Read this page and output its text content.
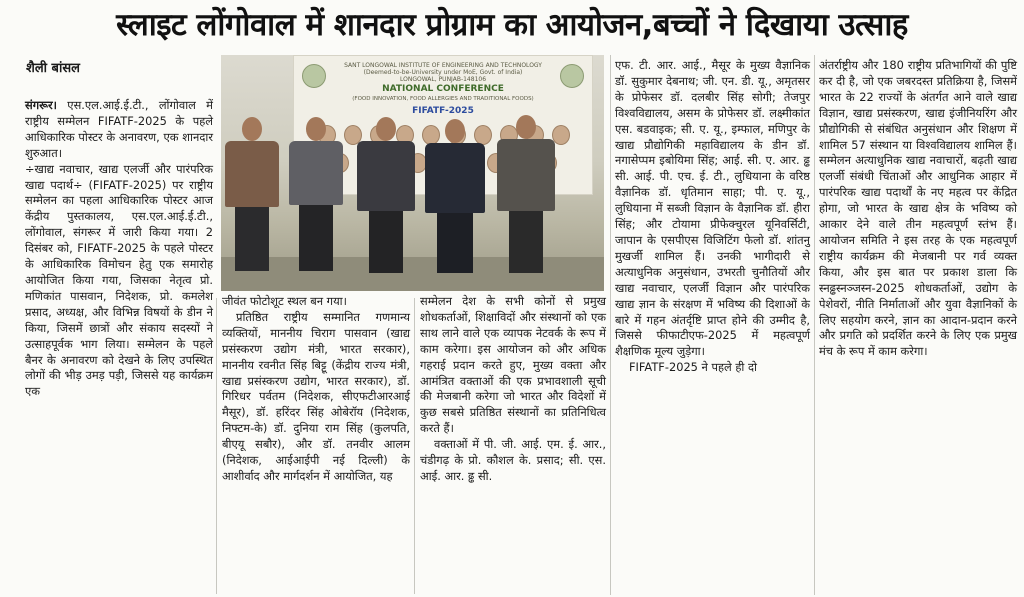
स्लाइट लोंगोवाल में शानदार प्रोग्राम का आयोजन,बच्चों ने दिखाया उत्साह
शैली बांसल	SANT LONGOWAL INSTITUTE OF ENGINEERING AND TECHNOLOGY
(Deemed-to-be-University under MoE, Govt. of India)
LONGOWAL, PUNJAB-148106
NATIONAL CONFERENCE
(FOOD INNOVATION, FOOD ALLERGIES AND TRADITIONAL FOODS)
FIFATF-2025

संगरूर। एस.एल.आई.ई.टी., लोंगोवाल में राष्ट्रीय सम्मेलन FIFATF-2025 के पहले आधिकारिक पोस्टर के अनावरण, एक शानदार शुरुआत।

÷खाद्य नवाचार, खाद्य एलर्जी और पारंपरिक खाद्य पदार्थ÷ (FIFATF-2025) पर राष्ट्रीय सम्मेलन का पहला आधिकारिक पोस्टर आज केंद्रीय पुस्तकालय, एस.एल.आई.ई.टी., लोंगोवाल, संगरूर में जारी किया गया। 2 दिसंबर को, FIFATF-2025 के पहले पोस्टर के आधिकारिक विमोचन हेतु एक समारोह आयोजित किया गया, जिसका नेतृत्व प्रो. मणिकांत पासवान, निदेशक, प्रो. कमलेश प्रसाद, अध्यक्ष, और विभिन्न विषयों के डीन ने किया, जिसमें छात्रों और संकाय सदस्यों ने उत्साहपूर्वक भाग लिया। सम्मेलन के पहले बैनर के अनावरण को देखने के लिए उपस्थित लोगों की भीड़ उमड़ पड़ी, जिससे यह कार्यक्रम एक

जीवंत फोटोशूट स्थल बन गया।

प्रतिष्ठित राष्ट्रीय सम्मानित गणमान्य व्यक्तियों, माननीय चिराग पासवान (खाद्य प्रसंस्करण उद्योग मंत्री, भारत सरकार), माननीय रवनीत सिंह बिट्टू (केंद्रीय राज्य मंत्री, खाद्य प्रसंस्करण उद्योग, भारत सरकार), डॉ. गिरिधर पर्वतम (निदेशक, सीएफटीआरआई मैसूर), डॉ. हरिंदर सिंह ओबेरॉय (निदेशक, निफ्टम-के) डॉ. दुनिया राम सिंह (कुलपति, बीएयू सबौर), और डॉ. तनवीर आलम (निदेशक, आईआईपी नई दिल्ली) के आशीर्वाद और मार्गदर्शन में आयोजित, यह

सम्मेलन देश के सभी कोनों से प्रमुख शोधकर्ताओं, शिक्षाविदों और संस्थानों को एक साथ लाने वाले एक व्यापक नेटवर्क के रूप में काम करेगा। इस आयोजन को और अधिक गहराई प्रदान करते हुए, मुख्य वक्ता और आमंत्रित वक्ताओं की एक प्रभावशाली सूची की मेजबानी करेगा जो भारत और विदेशों में कुछ सबसे प्रतिष्ठित संस्थानों का प्रतिनिधित्व करते हैं।

वक्ताओं में पी. जी. आई. एम. ई. आर., चंडीगढ़ के प्रो. कौशल के. प्रसाद; सी. एस. आई. आर. ढ्ढ सी.

एफ. टी. आर. आई., मैसूर के मुख्य वैज्ञानिक डॉ. सुकुमार देबनाथ; जी. एन. डी. यू., अमृतसर के प्रोफेसर डॉ. दलबीर सिंह सोगी; तेजपुर विश्वविद्यालय, असम के प्रोफेसर डॉ. लक्ष्मीकांत एस. बडवाइक; सी. ए. यू., इम्फाल, मणिपुर के खाद्य प्रौद्योगिकी महाविद्यालय के डीन डॉ. नगासेप्पम इबोयिमा सिंह; आई. सी. ए. आर. ढ्ढ सी. आई. पी. एच. ई. टी., लुधियाना के वरिष्ठ वैज्ञानिक डॉ. धृतिमान साहा; पी. ए. यू., लुधियाना में सब्जी विज्ञान के वैज्ञानिक डॉ. हीरा सिंह; और टोयामा प्रीफेक्चुरल यूनिवर्सिटी, जापान के एसपीएस विजिटिंग फेलो डॉ. शांतनु मुखर्जी शामिल हैं। उनकी भागीदारी से अत्याधुनिक अनुसंधान, उभरती चुनौतियों और खाद्य नवाचार, एलर्जी विज्ञान और पारंपरिक खाद्य ज्ञान के संरक्षण में भविष्य की दिशाओं के बारे में गहन अंतर्दृष्टि प्राप्त होने की उम्मीद है, जिससे फीफाटीएफ-2025 में महत्वपूर्ण शैक्षणिक मूल्य जुड़ेगा।

FIFATF-2025 ने पहले ही दो

अंतर्राष्ट्रीय और 180 राष्ट्रीय प्रतिभागियों की पुष्टि कर दी है, जो एक जबरदस्त प्रतिक्रिया है, जिसमें भारत के 22 राज्यों के अंतर्गत आने वाले खाद्य विज्ञान, खाद्य प्रसंस्करण, खाद्य इंजीनियरिंग और प्रौद्योगिकी से संबंधित अनुसंधान और शिक्षण में शामिल 57 संस्थान या विश्वविद्यालय शामिल हैं। सम्मेलन अत्याधुनिक खाद्य नवाचारों, बढ़ती खाद्य एलर्जी संबंधी चिंताओं और आधुनिक आहार में पारंपरिक खाद्य पदार्थों के नए महत्व पर केंद्रित होगा, जो भारत के खाद्य क्षेत्र के भविष्य को आकार देने वाले तीन महत्वपूर्ण स्तंभ हैं। आयोजन समिति ने इस तरह के एक महत्वपूर्ण राष्ट्रीय कार्यक्रम की मेजबानी पर गर्व व्यक्त किया, और इस बात पर प्रकाश डाला कि स्नढ्ढस्नञ्जस्न-2025 शोधकर्ताओं, उद्योग के पेशेवरों, नीति निर्माताओं और युवा वैज्ञानिकों के लिए सहयोग करने, ज्ञान का आदान-प्रदान करने और प्रगति को प्रदर्शित करने के लिए एक प्रमुख मंच के रूप में काम करेगा।
